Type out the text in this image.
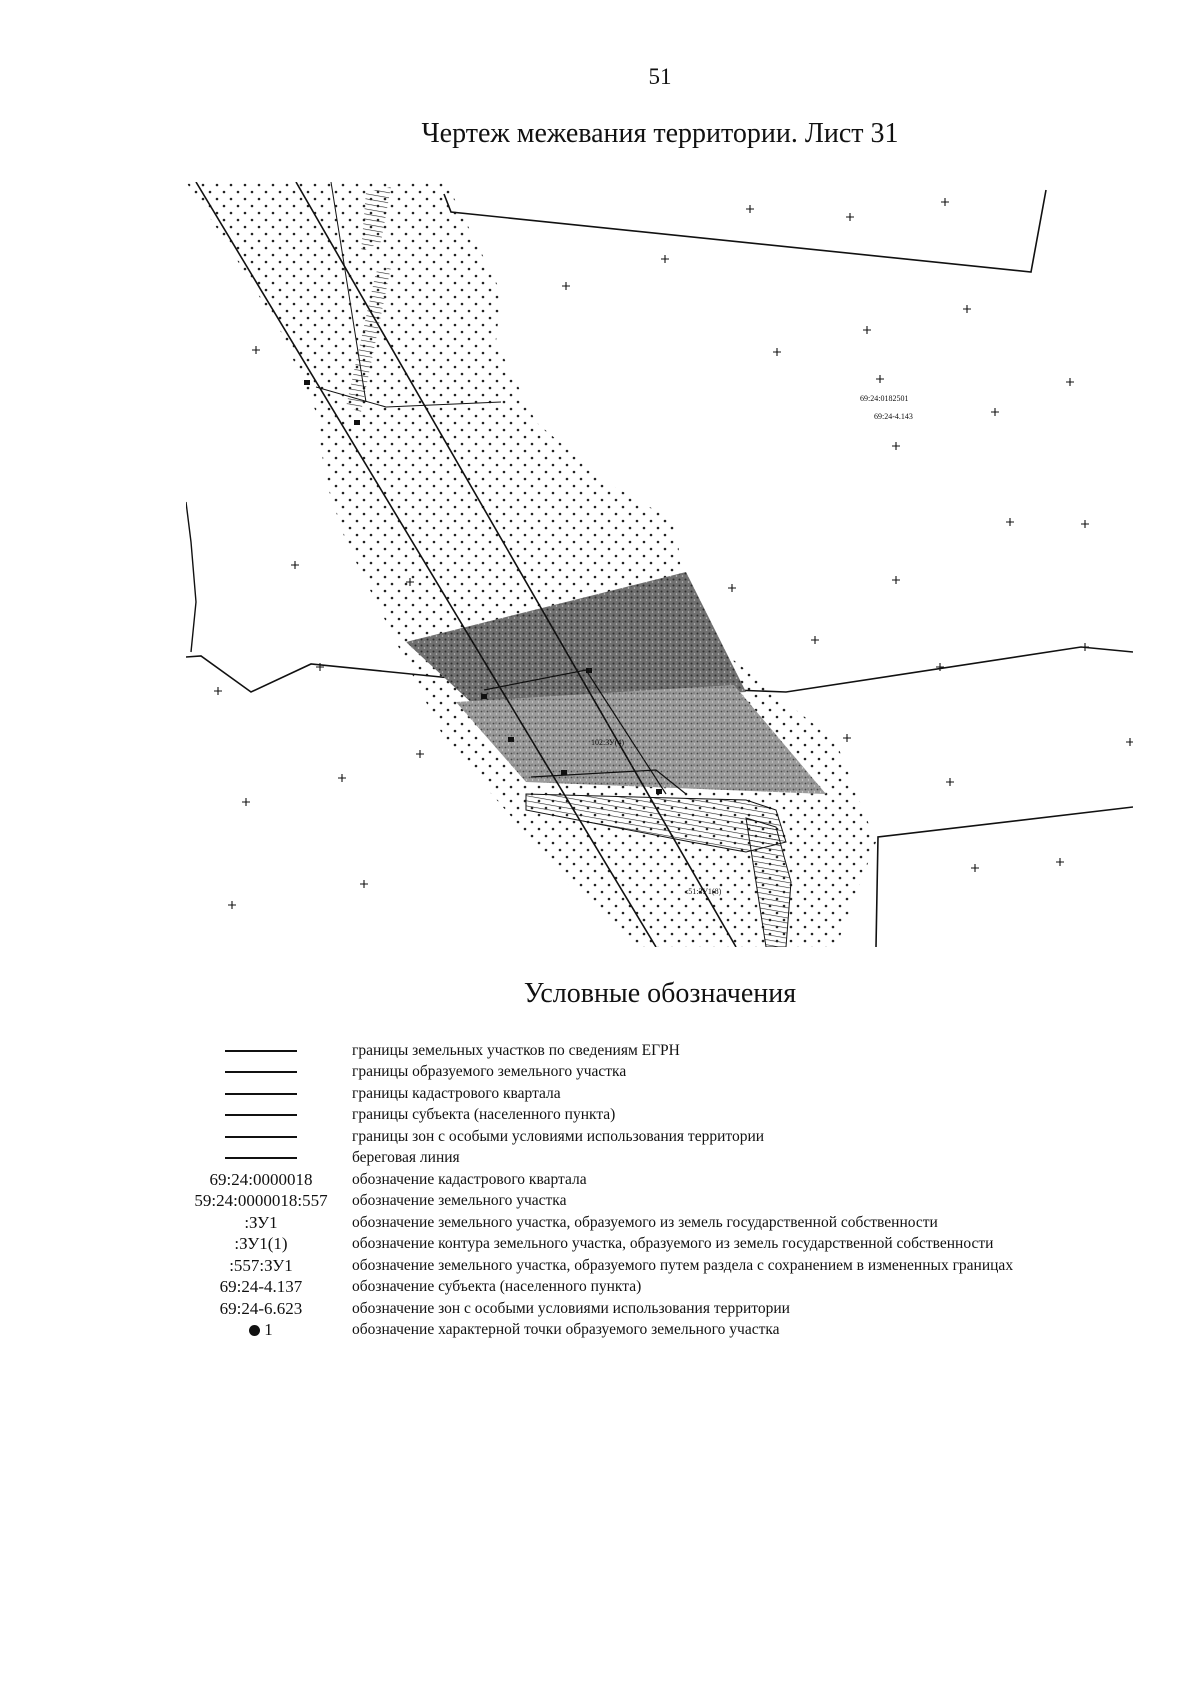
51
Чертеж межевания территории. Лист 31
69:24:0182501
69:24-4.143
102:ЗУ(4)
:51:ЗУ1(8)
Условные обозначения
границы земельных участков по сведениям ЕГРН
границы образуемого земельного участка
границы кадастрового квартала
границы субъекта (населенного пункта)
границы зон с особыми условиями использования территории
береговая линия
69:24:0000018	обозначение кадастрового квартала
59:24:0000018:557	обозначение земельного участка
:ЗУ1	обозначение земельного участка, образуемого из земель государственной собственности
:ЗУ1(1)	обозначение контура земельного участка, образуемого из земель государственной собственности
:557:ЗУ1	обозначение земельного участка, образуемого путем раздела с сохранением в измененных границах
69:24-4.137	обозначение субъекта (населенного пункта)
69:24-6.623	обозначение зон с особыми условиями использования территории
1	обозначение характерной точки образуемого земельного участка
